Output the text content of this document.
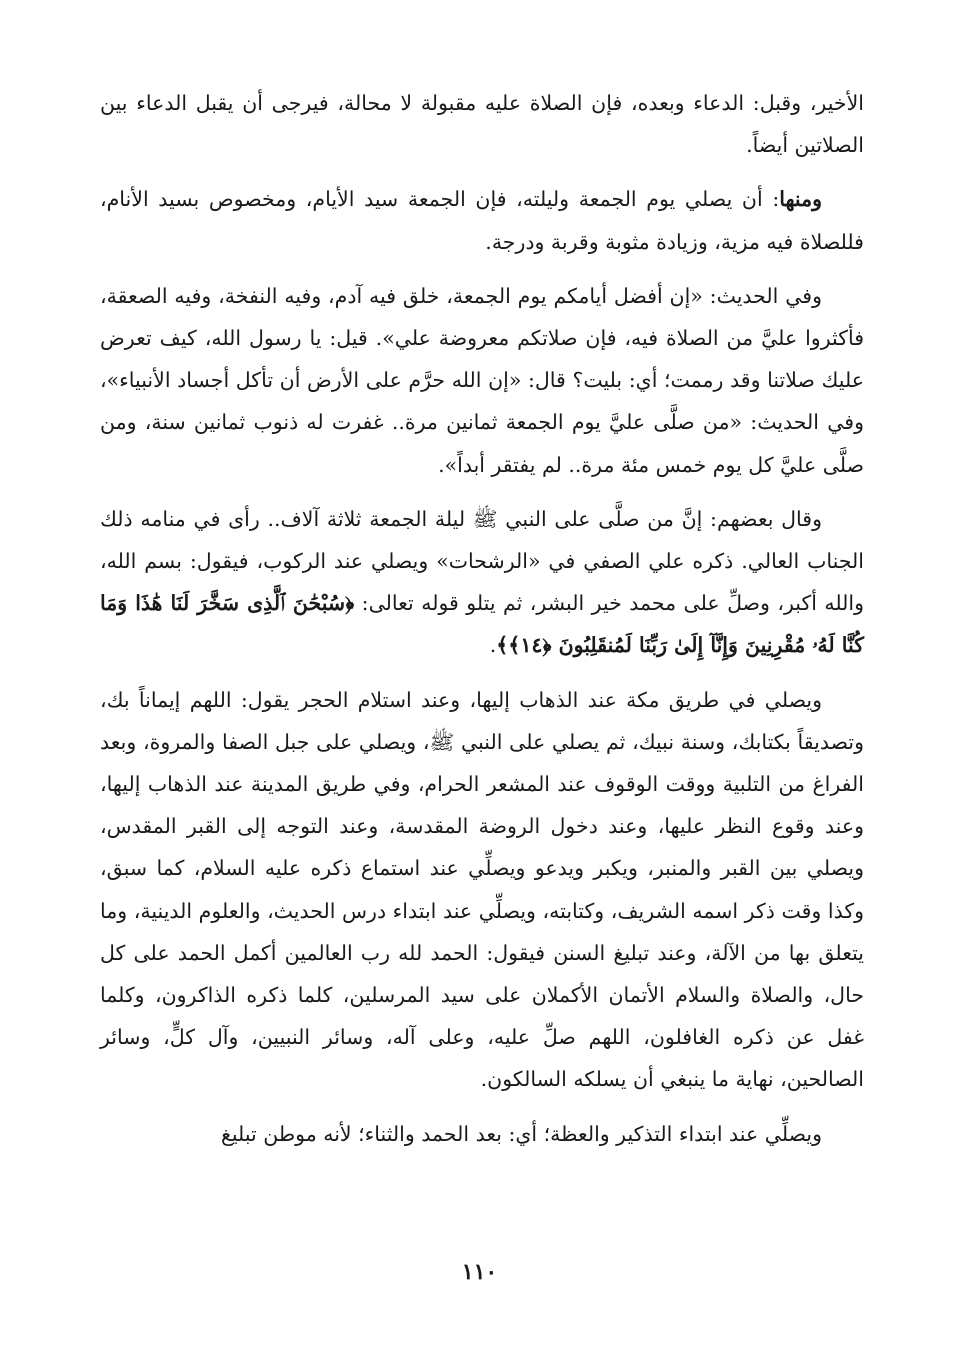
الأخير، وقبل: الدعاء وبعده، فإن الصلاة عليه مقبولة لا محالة، فيرجى أن يقبل الدعاء بين الصلاتين أيضاً.

ومنها: أن يصلي يوم الجمعة وليلته، فإن الجمعة سيد الأيام، ومخصوص بسيد الأنام، فللصلاة فيه مزية، وزيادة مثوبة وقربة ودرجة.

وفي الحديث: «إن أفضل أيامكم يوم الجمعة، خلق فيه آدم، وفيه النفخة، وفيه الصعقة، فأكثروا عليَّ من الصلاة فيه، فإن صلاتكم معروضة علي». قيل: يا رسول الله، كيف تعرض عليك صلاتنا وقد رممت؛ أي: بليت؟ قال: «إن الله حرَّم على الأرض أن تأكل أجساد الأنبياء»، وفي الحديث: «من صلَّى عليَّ يوم الجمعة ثمانين مرة.. غفرت له ذنوب ثمانين سنة، ومن صلَّى عليَّ كل يوم خمس مئة مرة.. لم يفتقر أبداً».

وقال بعضهم: إنَّ من صلَّى على النبي ﷺ ليلة الجمعة ثلاثة آلاف.. رأى في منامه ذلك الجناب العالي. ذكره علي الصفي في «الرشحات» ويصلي عند الركوب، فيقول: بسم الله، والله أكبر، وصلِّ على محمد خير البشر، ثم يتلو قوله تعالى: ﴿سُبْحَٰنَ ٱلَّذِى سَخَّرَ لَنَا هَٰذَا وَمَا كُنَّا لَهُۥ مُقْرِنِينَ وَإِنَّآ إِلَىٰ رَبِّنَا لَمُنقَلِبُونَ ﴿١٤﴾﴾.

ويصلي في طريق مكة عند الذهاب إليها، وعند استلام الحجر يقول: اللهم إيماناً بك، وتصديقاً بكتابك، وسنة نبيك، ثم يصلي على النبي ﷺ، ويصلي على جبل الصفا والمروة، وبعد الفراغ من التلبية ووقت الوقوف عند المشعر الحرام، وفي طريق المدينة عند الذهاب إليها، وعند وقوع النظر عليها، وعند دخول الروضة المقدسة، وعند التوجه إلى القبر المقدس، ويصلي بين القبر والمنبر، ويكبر ويدعو ويصلِّي عند استماع ذكره عليه السلام، كما سبق، وكذا وقت ذكر اسمه الشريف، وكتابته، ويصلِّي عند ابتداء درس الحديث، والعلوم الدينية، وما يتعلق بها من الآلة، وعند تبليغ السنن فيقول: الحمد لله رب العالمين أكمل الحمد على كل حال، والصلاة والسلام الأتمان الأكملان على سيد المرسلين، كلما ذكره الذاكرون، وكلما غفل عن ذكره الغافلون، اللهم صلِّ عليه، وعلى آله، وسائر النبيين، وآل كلٍّ، وسائر الصالحين، نهاية ما ينبغي أن يسلكه السالكون.

ويصلِّي عند ابتداء التذكير والعظة؛ أي: بعد الحمد والثناء؛ لأنه موطن تبليغ

١١٠
